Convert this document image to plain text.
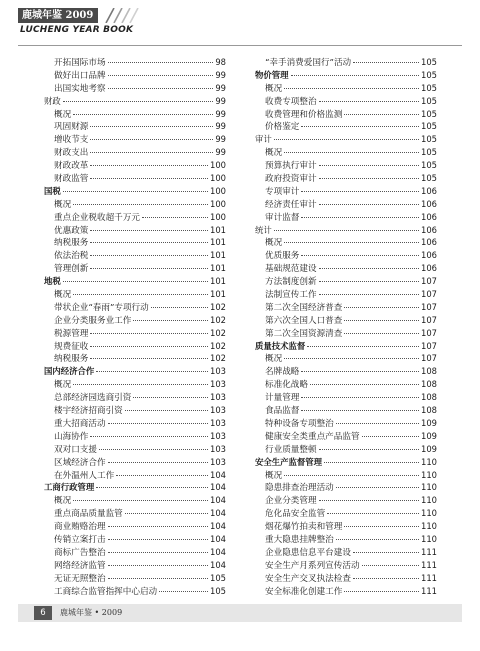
鹿城年鉴 2009
LUCHENG YEAR BOOK
开拓国际市场	98
做好出口品牌	99
出国实地考察	99
财政	99
概况	99
巩固财源	99
增收节支	99
财政支出	99
财政改革	100
财政监管	100
国税	100
概况	100
重点企业税收超千万元	100
优惠政策	101
纳税服务	101
依法治税	101
管理创新	101
地税	101
概况	101
带状企业“春雨”专项行动	102
企业分类服务业工作	102
税源管理	102
规费征收	102
纳税服务	102
国内经济合作	103
概况	103
总部经济园选商引资	103
楼宇经济招商引资	103
重大招商活动	103
山海协作	103
双对口支援	103
区域经济合作	103
在外温州人工作	104
工商行政管理	104
概况	104
重点商品质量监管	104
商业贿赂治理	104
传销立案打击	104
商标广告整治	104
网络经济监管	104
无证无照整治	105
工商综合监管指挥中心启动	105
“幸手消费爱国行”活动	105
物价管理	105
概况	105
收费专项整治	105
收费管理和价格监测	105
价格鉴定	105
审计	105
概况	105
预算执行审计	105
政府投资审计	105
专项审计	106
经济责任审计	106
审计监督	106
统计	106
概况	106
优质服务	106
基础规范建设	106
方法制度创新	107
法制宣传工作	107
第二次全国经济普查	107
第六次全国人口普查	107
第二次全国资源清查	107
质量技术监督	107
概况	107
名牌战略	108
标准化战略	108
计量管理	108
食品监督	108
特种设备专项整治	109
健康安全类重点产品监管	109
行业质量整顿	109
安全生产监督管理	110
概况	110
隐患排查治理活动	110
企业分类管理	110
危化品安全监管	110
烟花爆竹拍卖和管理	110
重大隐患挂牌整治	110
企业隐患信息平台建设	111
安全生产月系列宣传活动	111
安全生产交叉执法检查	111
安全标准化创建工作	111
6	鹿城年鉴 • 2009
